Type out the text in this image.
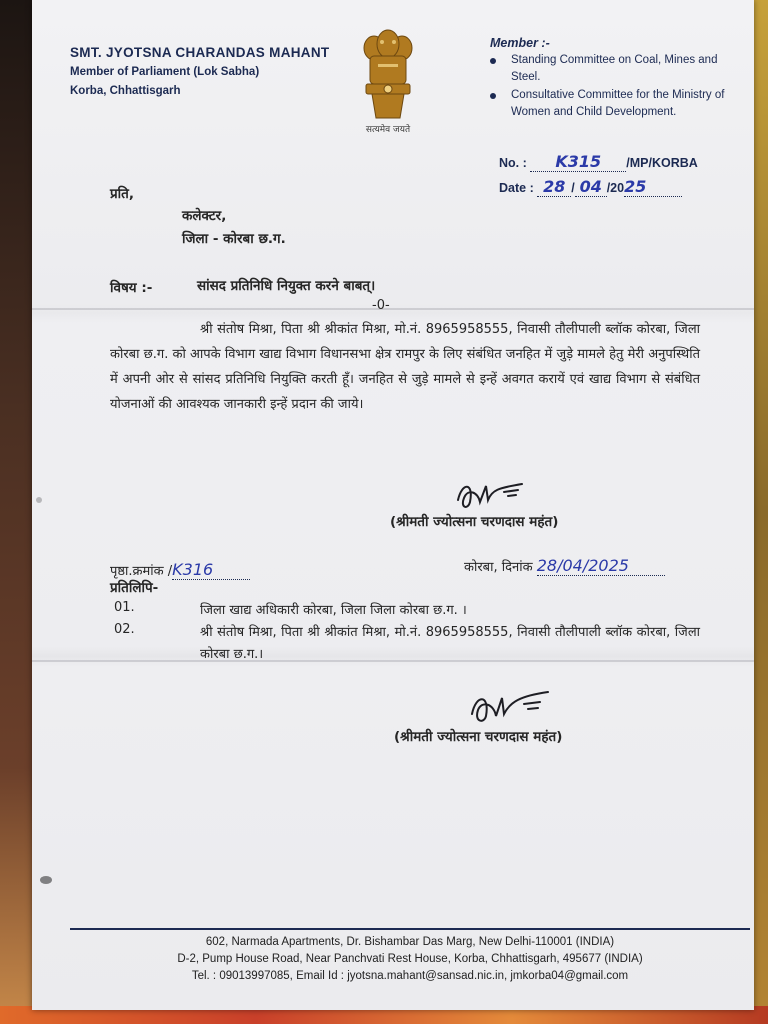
SMT. JYOTSNA CHARANDAS MAHANT
Member of Parliament (Lok Sabha)
Korba, Chhattisgarh
सत्यमेव जयते
Member :-
Standing Committee on Coal, Mines and Steel.
Consultative Committee for the Ministry of Women and Child Development.
No. : K315 /MP/KORBA
Date : 28 / 04 /2025
प्रति,
कलेक्टर,
जिला - कोरबा छ.ग.
विषय :-	सांसद प्रतिनिधि नियुक्त करने बाबत्।
-0-

श्री संतोष मिश्रा, पिता श्री श्रीकांत मिश्रा, मो.नं. 8965958555, निवासी तौलीपाली ब्लॉक कोरबा, जिला कोरबा छ.ग. को आपके विभाग खाद्य विभाग विधानसभा क्षेत्र रामपुर के लिए संबंधित जनहित में जुड़े मामले हेतु मेरी अनुपस्थिति में अपनी ओर से सांसद प्रतिनिधि नियुक्ति करती हूँ। जनहित से जुड़े मामले से इन्हें अवगत करायें एवं खाद्य विभाग से संबंधित योजनाओं की आवश्यक जानकारी इन्हें प्रदान की जाये।

(श्रीमती ज्योत्सना चरणदास महंत)
पृष्ठा.क्रमांक /K316	कोरबा, दिनांक 28/04/2025
प्रतिलिपि-
01.	जिला खाद्य अधिकारी कोरबा, जिला जिला कोरबा छ.ग. ।
02.	श्री संतोष मिश्रा, पिता श्री श्रीकांत मिश्रा, मो.नं. 8965958555, निवासी तौलीपाली ब्लॉक कोरबा, जिला कोरबा छ.ग.।
(श्रीमती ज्योत्सना चरणदास महंत)
602, Narmada Apartments, Dr. Bishambar Das Marg, New Delhi-110001 (INDIA)
D-2, Pump House Road, Near Panchvati Rest House, Korba, Chhattisgarh, 495677 (INDIA)
Tel. : 09013997085, Email Id : jyotsna.mahant@sansad.nic.in, jmkorba04@gmail.com
